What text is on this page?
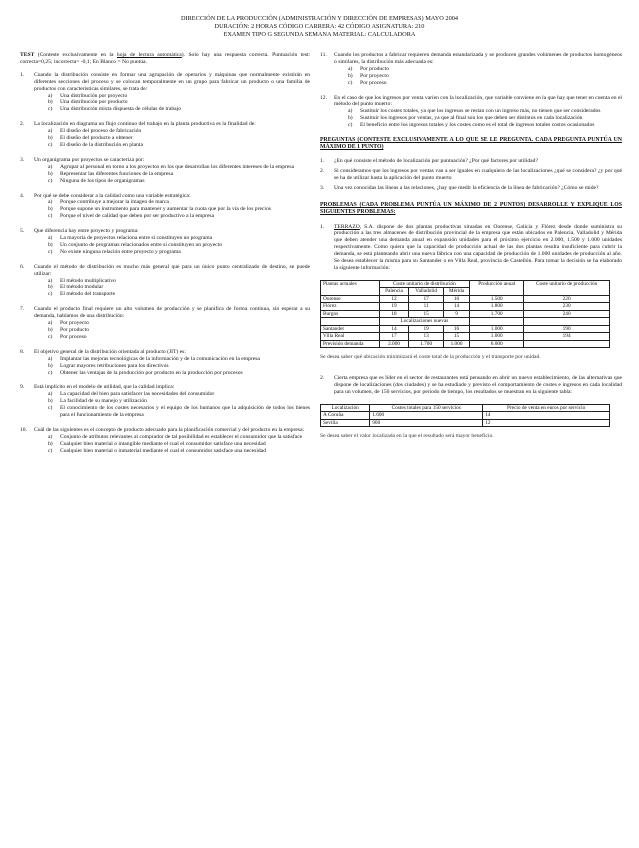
DIRECCIÓN DE LA PRODUCCIÓN (ADMINISTRACIÓN Y DIRECCIÓN DE EMPRESAS) MAYO 2004
DURACIÓN: 2 HORAS CÓDIGO CARRERA: 42 CÓDIGO ASIGNATURA: 210
EXAMEN TIPO G SEGUNDA SEMANA MATERIAL: CALCULADORA
TEST (Conteste exclusivamente en la hoja de lectura automática). Solo hay una respuesta correcta. Puntuación test: correcta=0,25; incorrecta= -0,1; En Blanco = No puntúa.
1. Cuando la distribución consiste en formar una agrupación de operarios y máquinas que normalmente existirán en diferentes secciones del proceso y se colocan temporalmente en un grupo para fabricar un producto o una familia de productos con características similares, se trata de:
a) Una distribución por proyecto
b) Una distribución por producto
c) Una distribución mixta dispuesta de células de trabajo
2. La localización en diagrama un flujo continuo del trabajo en la planta productiva es la finalidad de:
a) El diseño del proceso de fabricación
b) El diseño del producto a obtener
c) El diseño de la distribución en planta
3. Un organigrama por proyectos se caracteriza por:
a) Agrupar al personal en torno a los proyectos en los que desarrollan los diferentes intereses de la empresa
b) Representar las diferentes funciones de la empresa
c) Ninguna de los tipos de organigramas
4. Por qué se debe considerar a la calidad como una variable estratégica:
a) Porque contribuye a mejorar la imagen de marca
b) Porque supone un instrumento para mantener y aumentar la cuota que por la vía de los precios
c) Porque el nivel de calidad que deben por ser productivo a la empresa
5. Que diferencia hay entre proyecto y programa:
a) La mayoría de proyectos relaciona entre sí constituyen un programa
b) Un conjunto de programas relacionados entre sí constituyen un proyecto
c) No existe ninguna relación entre proyecto y programa
6. Cuando el método de distribución es mucho más general que para un único punto centralizado de destino, se puede utilizar:
a) El método multiplicativo
b) El método modular
c) El método del transporte
7. Cuando el producto final requiere un alto volumen de producción y se planifica de forma continua, sin esperar a su demanda, hablamos de una distribución:
a) Por proyecto
b) Por producto
c) Por proceso
8. El objetivo general de la distribución orientada al producto (JIT) es:
a) Implantar las mejoras tecnológicas de la información y de la comunicación en la empresa
b) Lograr mayores retribuciones para los directivos
c) Obtener las ventajas de la producción por producto en la producción por procesos
9. Está implícito en el modelo de utilidad, que la calidad implica:
a) La capacidad del bien para satisfacer las necesidades del consumidor
b) La facilidad de su manejo y utilización
c) El conocimiento de los costes necesarios y el equipo de los humanos que la adquisición de todos los bienes para el funcionamiento de la empresa
10. Cuál de las siguientes es el concepto de producto adecuado para la planificación comercial y del producto en la empresa:
a) Conjunto de atributos relevantes al comprador de tal posibilidad es establecer el consumidor que la satisface
b) Cualquier bien material o intangible mediante el cual el consumidor satisface una necesidad
c) Cualquier bien material o inmaterial mediante el cual el consumidor satisface una necesidad
11. Cuando los productos a fabricar requieren demanda estandarizada y se producen grandes volúmenes de productos homogéneos o similares, la distribución más adecuada es:
a) Por producto
b) Por proyecto
c) Por proceso
12. En el caso de que los ingresos por venta varíen con la localización, que variable conviene en la que hay que tener en cuenta en el método del punto muerto:
a) Sustituir los costes totales, ya que los ingresos se restan con un ingreso más, no tienen que ser considerados
b) Sustituir los ingresos por ventas, ya que al final son los que deben ser distintos en cada localización
c) El beneficio entre los ingresos totales y los costes como es el total de ingresos totales costos ocasionados
PREGUNTAS (CONTESTE EXCLUSIVAMENTE A LO QUE SE LE PREGUNTA. CADA PREGUNTA PUNTÚA UN MÁXIMO DE 1 PUNTO)
1. ¿En qué consiste el método de localización por puntuación? ¿Por qué factores por utilidad?
2. Si consideramos que los ingresos por ventas van a ser iguales en cualquiera de las localizaciones ¿qué se considera? ¿y por qué se ha de utilizar hasta la aplicación del punto muerto
3. Una vez conocidas las líneas a las relaciones, ¿hay que medir la eficiencia de la línea de fabricación? ¿Cómo se mide?
PROBLEMAS (CADA PROBLEMA PUNTÚA UN MÁXIMO DE 2 PUNTOS) DESARROLLE Y EXPLIQUE LOS SIGUIENTES PROBLEMAS:
1. TERRAZO, S.A. dispone de dos plantas productivas situadas en Ourense, Galicia y Flórez desde donde suministra su producción a las tres almacenes de distribución provincial de la empresa que están ubicados en Palencia, Valladolid y Mérida que deben atender una demanda anual en expansión unidades para el próximo ejercicio en 2.000, 1.500 y 1.000 unidades respectivamente. Como quiera que la capacidad de producción actual de las dos plantas resulta insuficiente para cubrir la demanda, se está planteando abrir una nueva fábrica con una capacidad de producción de 1.000 unidades de producción al año. Se desea establecer la misma para su Santander o en Villa Real, provincia de Castellón. Para tomar la decisión se ha elaborado la siguiente información:
Plantas actuales	Coste unitario de distribución			Producción anual	Coste unitario de producción
	Palencia	Valladolid	Mérida		
Ourense	12	17	16	1.500	220
Flórez	19	11	14	1.800	230
Burgos	18	15	9	1.700	240
	Localizaciones nuevas				
Santander	14	19	16	1.000	190
Villa Real	17	13	15	1.000	194
Previsión demanda	2.000	1.700	1.000	6.000	
Se desea saber qué ubicación minimizará el coste total de la producción y el transporte por unidad.
2. Cierta empresa que es líder en el sector de restaurantes está pensando en abrir un nuevo establecimiento, de las alternativas que dispone de localizaciones (dos ciudades) y se ha estudiado y previsto el comportamiento de costes e ingresos en cada localidad para un volumen, de 150 servicios, por periodo de tiempo, los resultados se muestran en la siguiente tabla:
Localización	Costes totales para 150 servicios	Precio de venta en euros por servicio
A Coruña	1.600	14
Sevilla	900	12
Se desea saber el valor localizada en la que el resultado será mayor beneficio.
